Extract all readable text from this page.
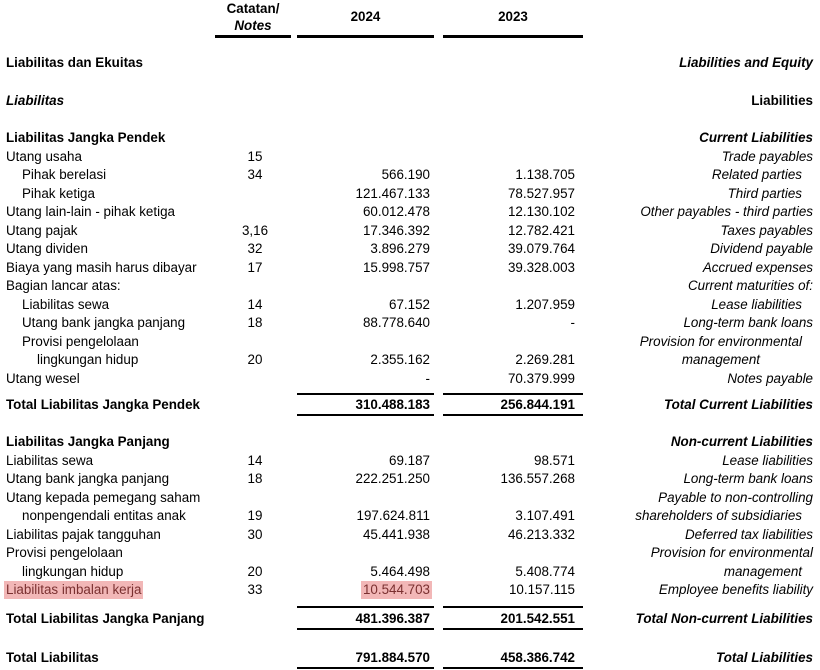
Catatan/
Notes
2024	2023
Liabilitas dan Ekuitas	Liabilities and Equity
Liabilitas	Liabilities
Liabilitas Jangka Pendek	Current Liabilities
Utang usaha	15	Trade payables
Pihak berelasi	34	566.190	1.138.705	Related parties
Pihak ketiga	121.467.133	78.527.957	Third parties
Utang lain-lain - pihak ketiga	60.012.478	12.130.102	Other payables - third parties
Utang pajak	3,16	17.346.392	12.782.421	Taxes payables
Utang dividen	32	3.896.279	39.079.764	Dividend payable
Biaya yang masih harus dibayar	17	15.998.757	39.328.003	Accrued expenses
Bagian lancar atas:	Current maturities of:
Liabilitas sewa	14	67.152	1.207.959	Lease liabilities
Utang bank jangka panjang	18	88.778.640	-	Long-term bank loans
Provisi pengelolaan	Provision for environmental
lingkungan hidup	20	2.355.162	2.269.281	management
Utang wesel	-	70.379.999	Notes payable
Total Liabilitas Jangka Pendek	310.488.183	256.844.191	Total Current Liabilities
Liabilitas Jangka Panjang	Non-current Liabilities
Liabilitas sewa	14	69.187	98.571	Lease liabilities
Utang bank jangka panjang	18	222.251.250	136.557.268	Long-term bank loans
Utang kepada pemegang saham	Payable to non-controlling
nonpengendali entitas anak	19	197.624.811	3.107.491	shareholders of subsidiaries
Liabilitas pajak tangguhan	30	45.441.938	46.213.332	Deferred tax liabilities
Provisi pengelolaan	Provision for environmental
lingkungan hidup	20	5.464.498	5.408.774	management
Liabilitas imbalan kerja	33	10.544.703	10.157.115	Employee benefits liability
Total Liabilitas Jangka Panjang	481.396.387	201.542.551	Total Non-current Liabilities
Total Liabilitas	791.884.570	458.386.742	Total Liabilities
